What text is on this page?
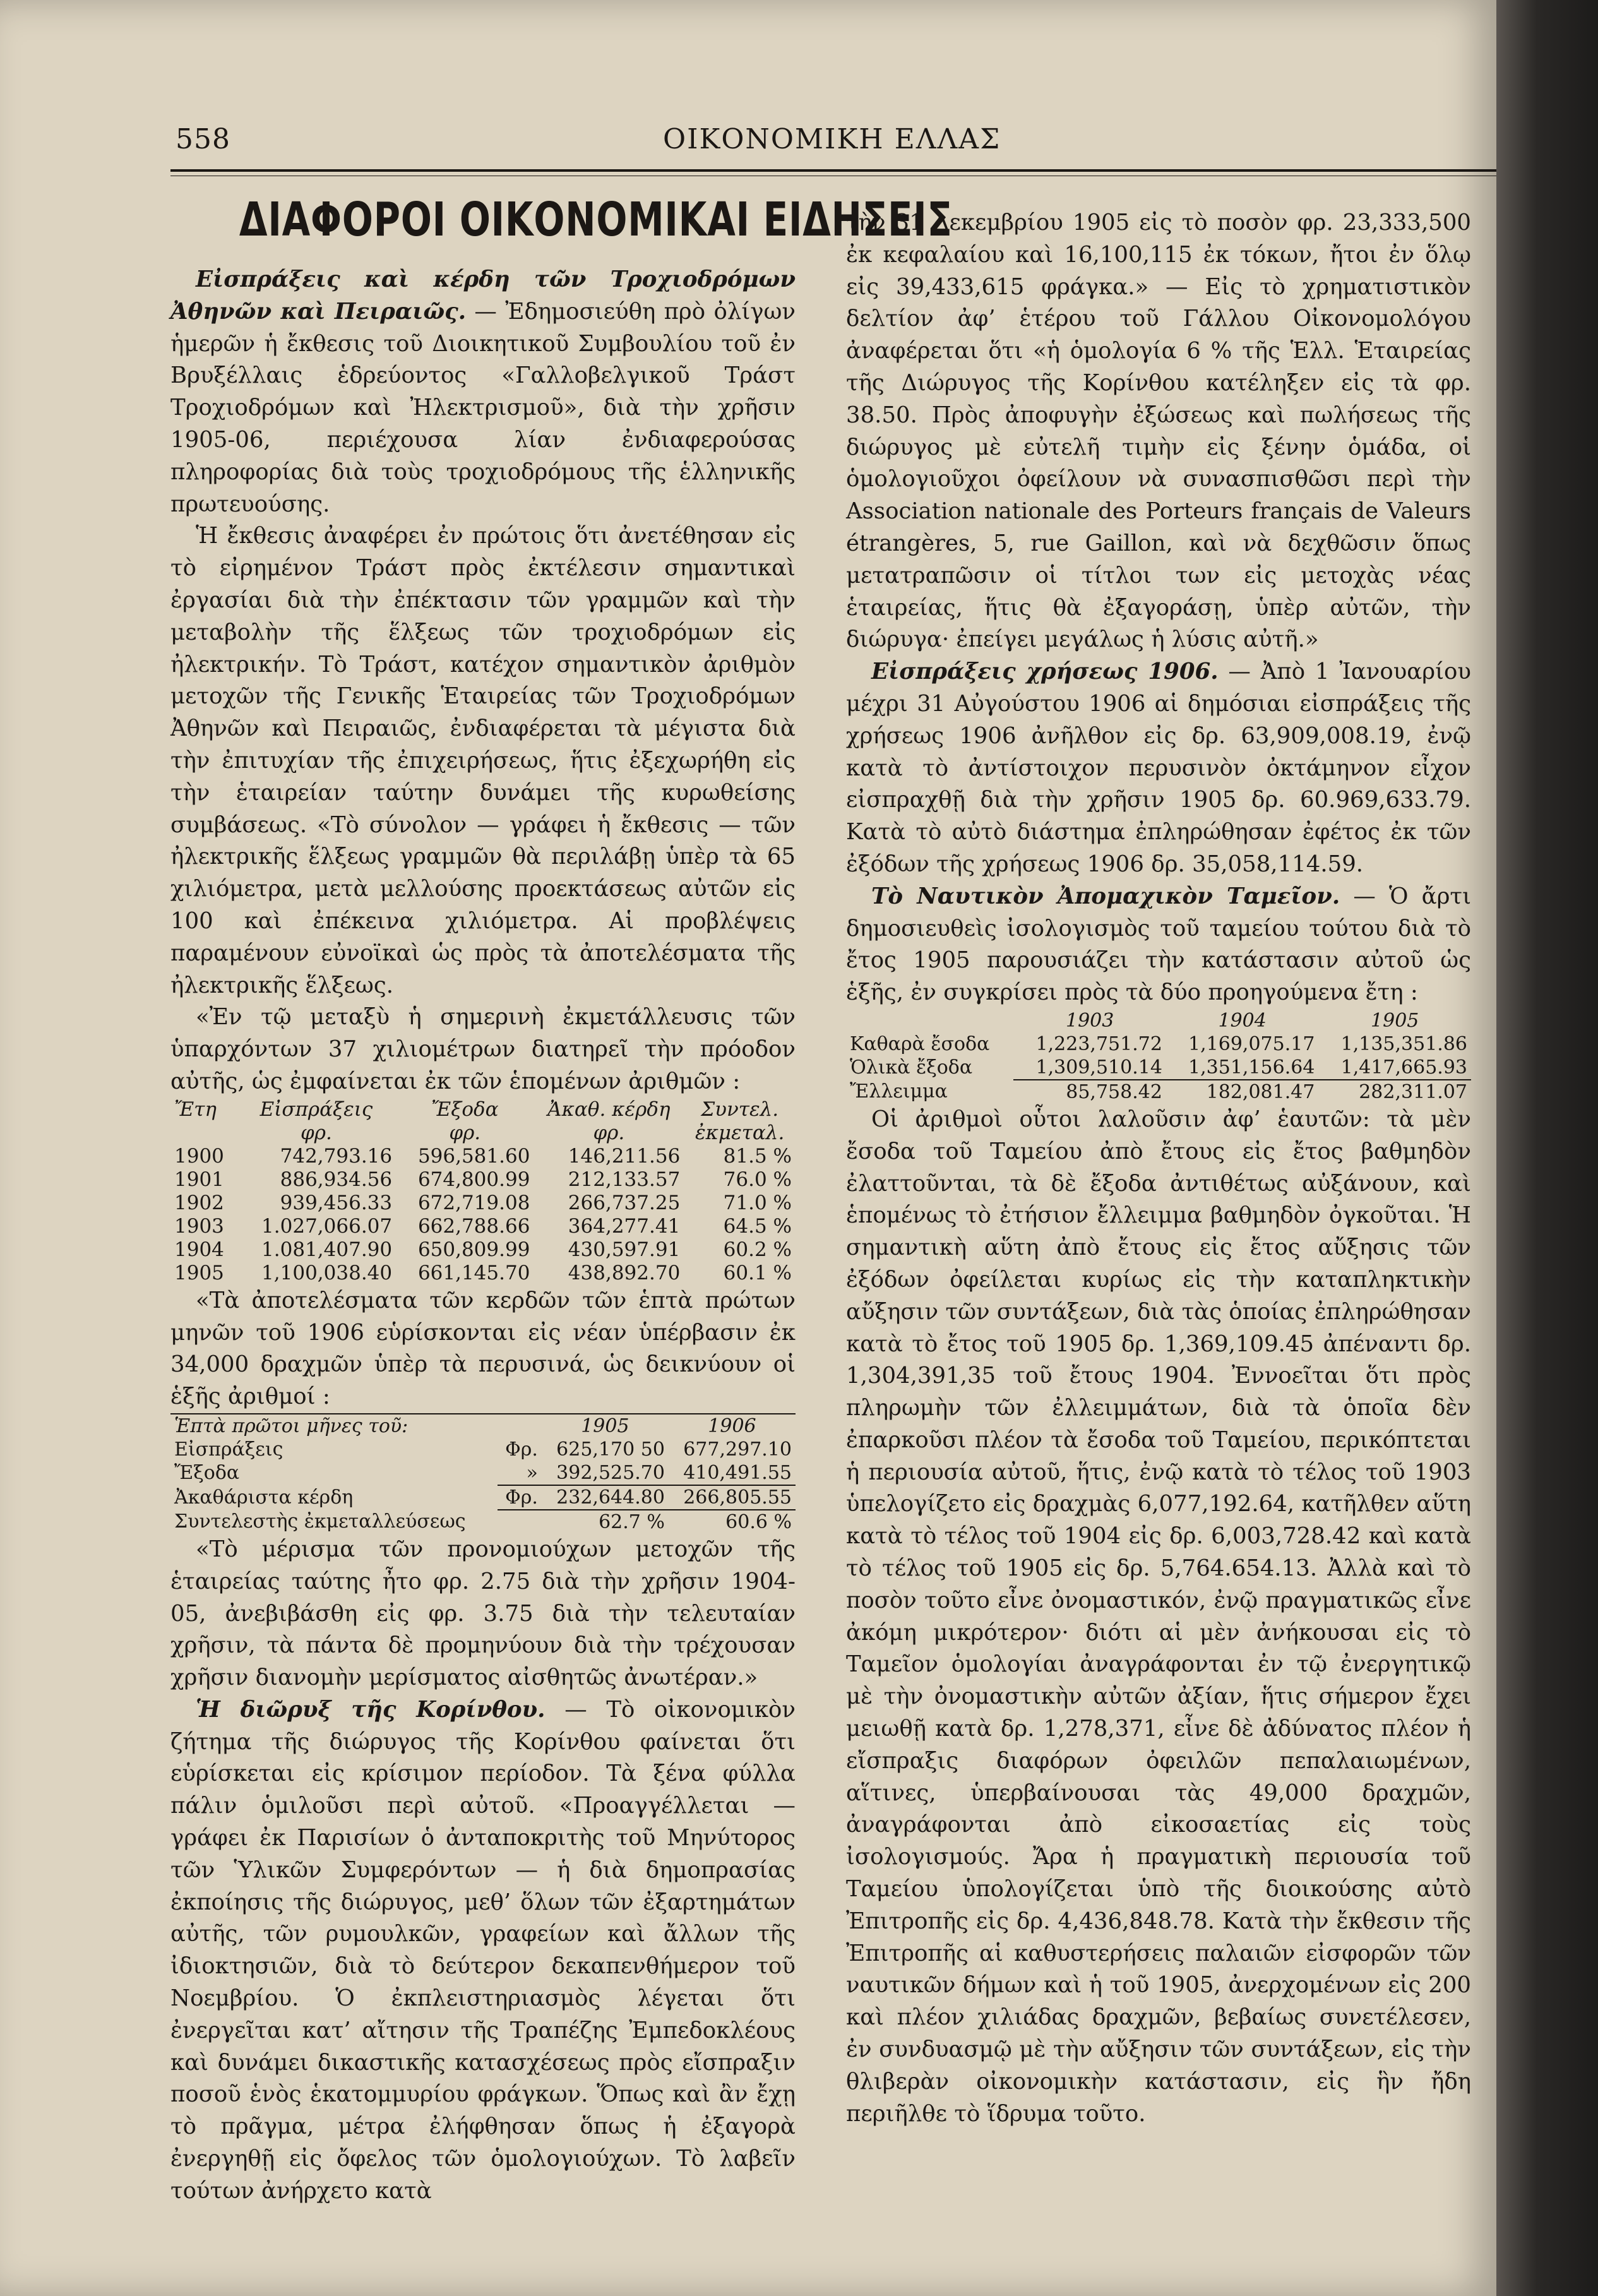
558	ΟΙΚΟΝΟΜΙΚΗ ΕΛΛΑΣ
ΔΙΑΦΟΡΟΙ ΟΙΚΟΝΟΜΙΚΑΙ ΕΙΔΗΣΕΙΣ

Εἰσπράξεις καὶ κέρδη τῶν Τροχιοδρόμων Ἀθηνῶν καὶ Πειραιῶς. — Ἐδημοσιεύθη πρὸ ὀλίγων ἡμερῶν ἡ ἔκθεσις τοῦ Διοικητικοῦ Συμβουλίου τοῦ ἐν Βρυξέλλαις ἑδρεύοντος «Γαλλοβελγικοῦ Τράστ Τροχιοδρόμων καὶ Ἠλεκτρισμοῦ», διὰ τὴν χρῆσιν 1905-06, περιέχουσα λίαν ἐνδιαφερούσας πληροφορίας διὰ τοὺς τροχιοδρόμους τῆς ἑλληνικῆς πρωτευούσης.

Ἡ ἔκθεσις ἀναφέρει ἐν πρώτοις ὅτι ἀνετέθησαν εἰς τὸ εἰρημένον Τράστ πρὸς ἐκτέλεσιν σημαντικαὶ ἐργασίαι διὰ τὴν ἐπέκτασιν τῶν γραμμῶν καὶ τὴν μεταβολὴν τῆς ἕλξεως τῶν τροχιοδρόμων εἰς ἠλεκτρικήν. Τὸ Τράστ, κατέχον σημαντικὸν ἀριθμὸν μετοχῶν τῆς Γενικῆς Ἑταιρείας τῶν Τροχιοδρόμων Ἀθηνῶν καὶ Πειραιῶς, ἐνδιαφέρεται τὰ μέγιστα διὰ τὴν ἐπιτυχίαν τῆς ἐπιχειρήσεως, ἥτις ἐξεχωρήθη εἰς τὴν ἑταιρείαν ταύτην δυνάμει τῆς κυρωθείσης συμβάσεως. «Τὸ σύνολον — γράφει ἡ ἔκθεσις — τῶν ἠλεκτρικῆς ἕλξεως γραμμῶν θὰ περιλάβῃ ὑπὲρ τὰ 65 χιλιόμετρα, μετὰ μελλούσης προεκτάσεως αὐτῶν εἰς 100 καὶ ἐπέκεινα χιλιόμετρα. Αἱ προβλέψεις παραμένουν εὐνοϊκαὶ ὡς πρὸς τὰ ἀποτελέσματα τῆς ἠλεκτρικῆς ἕλξεως.

«Ἐν τῷ μεταξὺ ἡ σημερινὴ ἐκμετάλλευσις τῶν ὑπαρχόντων 37 χιλιομέτρων διατηρεῖ τὴν πρόοδον αὐτῆς, ὡς ἐμφαίνεται ἐκ τῶν ἑπομένων ἀριθμῶν :

Ἔτη	Εἰσπράξεις	Ἔξοδα	Ἀκαθ. κέρδη	Συντελ.
	φρ.	φρ.	φρ.	ἐκμεταλ.
1900	742,793.16	596,581.60	146,211.56	81.5 %
1901	886,934.56	674,800.99	212,133.57	76.0 %
1902	939,456.33	672,719.08	266,737.25	71.0 %
1903	1.027,066.07	662,788.66	364,277.41	64.5 %
1904	1.081,407.90	650,809.99	430,597.91	60.2 %
1905	1,100,038.40	661,145.70	438,892.70	60.1 %

«Τὰ ἀποτελέσματα τῶν κερδῶν τῶν ἑπτὰ πρώτων μηνῶν τοῦ 1906 εὑρίσκονται εἰς νέαν ὑπέρβασιν ἐκ 34,000 δραχμῶν ὑπὲρ τὰ περυσινά, ὡς δεικνύουν οἱ ἑξῆς ἀριθμοί :

Ἑπτὰ πρῶτοι μῆνες τοῦ:		1905	1906
Εἰσπράξεις	Φρ.	625,170 50	677,297.10
Ἔξοδα	»	392,525.70	410,491.55
Ἀκαθάριστα κέρδη	Φρ.	232,644.80	266,805.55
Συντελεστὴς ἐκμεταλλεύσεως		62.7 %	60.6 %

«Τὸ μέρισμα τῶν προνομιούχων μετοχῶν τῆς ἑταιρείας ταύτης ἦτο φρ. 2.75 διὰ τὴν χρῆσιν 1904-05, ἀνεβιβάσθη εἰς φρ. 3.75 διὰ τὴν τελευταίαν χρῆσιν, τὰ πάντα δὲ προμηνύουν διὰ τὴν τρέχουσαν χρῆσιν διανομὴν μερίσματος αἰσθητῶς ἀνωτέραν.»

Ἡ διῶρυξ τῆς Κορίνθου. — Τὸ οἰκονομικὸν ζήτημα τῆς διώρυγος τῆς Κορίνθου φαίνεται ὅτι εὑρίσκεται εἰς κρίσιμον περίοδον. Τὰ ξένα φύλλα πάλιν ὁμιλοῦσι περὶ αὐτοῦ. «Προαγγέλλεται — γράφει ἐκ Παρισίων ὁ ἀνταποκριτὴς τοῦ Μηνύτορος τῶν Ὑλικῶν Συμφερόντων — ἡ διὰ δημοπρασίας ἐκποίησις τῆς διώρυγος, μεθ’ ὅλων τῶν ἐξαρτημάτων αὐτῆς, τῶν ρυμουλκῶν, γραφείων καὶ ἄλλων τῆς ἰδιοκτησιῶν, διὰ τὸ δεύτερον δεκαπενθήμερον τοῦ Νοεμβρίου. Ὁ ἐκπλειστηριασμὸς λέγεται ὅτι ἐνεργεῖται κατ’ αἴτησιν τῆς Τραπέζης Ἐμπεδοκλέους καὶ δυνάμει δικαστικῆς κατασχέσεως πρὸς εἴσπραξιν ποσοῦ ἑνὸς ἑκατομμυρίου φράγκων. Ὅπως καὶ ἂν ἔχῃ τὸ πρᾶγμα, μέτρα ἐλήφθησαν ὅπως ἡ ἐξαγορὰ ἐνεργηθῇ εἰς ὄφελος τῶν ὁμολογιούχων. Τὸ λαβεῖν τούτων ἀνήρχετο κατὰ

τὴν 31 Δεκεμβρίου 1905 εἰς τὸ ποσὸν φρ. 23,333,500 ἐκ κεφαλαίου καὶ 16,100,115 ἐκ τόκων, ἤτοι ἐν ὅλῳ εἰς 39,433,615 φράγκα.» — Εἰς τὸ χρηματιστικὸν δελτίον ἀφ’ ἑτέρου τοῦ Γάλλου Οἰκονομολόγου ἀναφέρεται ὅτι «ἡ ὁμολογία 6 % τῆς Ἑλλ. Ἑταιρείας τῆς Διώρυγος τῆς Κορίνθου κατέληξεν εἰς τὰ φρ. 38.50. Πρὸς ἀποφυγὴν ἐξώσεως καὶ πωλήσεως τῆς διώρυγος μὲ εὐτελῆ τιμὴν εἰς ξένην ὁμάδα, οἱ ὁμολογιοῦχοι ὀφείλουν νὰ συνασπισθῶσι περὶ τὴν Association nationale des Porteurs français de Valeurs étrangères, 5, rue Gaillon, καὶ νὰ δεχθῶσιν ὅπως μετατραπῶσιν οἱ τίτλοι των εἰς μετοχὰς νέας ἑταιρείας, ἥτις θὰ ἐξαγοράσῃ, ὑπὲρ αὐτῶν, τὴν διώρυγα· ἐπείγει μεγάλως ἡ λύσις αὐτῆ.»

Εἰσπράξεις χρήσεως 1906. — Ἀπὸ 1 Ἰανουαρίου μέχρι 31 Αὐγούστου 1906 αἱ δημόσιαι εἰσπράξεις τῆς χρήσεως 1906 ἀνῆλθον εἰς δρ. 63,909,008.19, ἐνῷ κατὰ τὸ ἀντίστοιχον περυσινὸν ὀκτάμηνον εἶχον εἰσπραχθῇ διὰ τὴν χρῆσιν 1905 δρ. 60.969,633.79. Κατὰ τὸ αὐτὸ διάστημα ἐπληρώθησαν ἐφέτος ἐκ τῶν ἐξόδων τῆς χρήσεως 1906 δρ. 35,058,114.59.

Τὸ Ναυτικὸν Ἀπομαχικὸν Ταμεῖον. — Ὁ ἄρτι δημοσιευθεὶς ἰσολογισμὸς τοῦ ταμείου τούτου διὰ τὸ ἔτος 1905 παρουσιάζει τὴν κατάστασιν αὐτοῦ ὡς ἑξῆς, ἐν συγκρίσει πρὸς τὰ δύο προηγούμενα ἔτη :

	1903	1904	1905
Καθαρὰ ἔσοδα	1,223,751.72	1,169,075.17	1,135,351.86
Ὁλικὰ ἔξοδα	1,309,510.14	1,351,156.64	1,417,665.93
Ἔλλειμμα	85,758.42	182,081.47	282,311.07

Οἱ ἀριθμοὶ οὗτοι λαλοῦσιν ἀφ’ ἑαυτῶν: τὰ μὲν ἔσοδα τοῦ Ταμείου ἀπὸ ἔτους εἰς ἔτος βαθμηδὸν ἐλαττοῦνται, τὰ δὲ ἔξοδα ἀντιθέτως αὐξάνουν, καὶ ἑπομένως τὸ ἐτήσιον ἔλλειμμα βαθμηδὸν ὀγκοῦται. Ἡ σημαντικὴ αὕτη ἀπὸ ἔτους εἰς ἔτος αὔξησις τῶν ἐξόδων ὀφείλεται κυρίως εἰς τὴν καταπληκτικὴν αὔξησιν τῶν συντάξεων, διὰ τὰς ὁποίας ἐπληρώθησαν κατὰ τὸ ἔτος τοῦ 1905 δρ. 1,369,109.45 ἀπέναντι δρ. 1,304,391,35 τοῦ ἔτους 1904. Ἐννοεῖται ὅτι πρὸς πληρωμὴν τῶν ἐλλειμμάτων, διὰ τὰ ὁποῖα δὲν ἐπαρκοῦσι πλέον τὰ ἔσοδα τοῦ Ταμείου, περικόπτεται ἡ περιουσία αὐτοῦ, ἥτις, ἐνῷ κατὰ τὸ τέλος τοῦ 1903 ὑπελογίζετο εἰς δραχμὰς 6,077,192.64, κατῆλθεν αὕτη κατὰ τὸ τέλος τοῦ 1904 εἰς δρ. 6,003,728.42 καὶ κατὰ τὸ τέλος τοῦ 1905 εἰς δρ. 5,764.654.13. Ἀλλὰ καὶ τὸ ποσὸν τοῦτο εἶνε ὀνομαστικόν, ἐνῷ πραγματικῶς εἶνε ἀκόμη μικρότερον· διότι αἱ μὲν ἀνήκουσαι εἰς τὸ Ταμεῖον ὁμολογίαι ἀναγράφονται ἐν τῷ ἐνεργητικῷ μὲ τὴν ὀνομαστικὴν αὐτῶν ἀξίαν, ἥτις σήμερον ἔχει μειωθῇ κατὰ δρ. 1,278,371, εἶνε δὲ ἀδύνατος πλέον ἡ εἴσπραξις διαφόρων ὀφειλῶν πεπαλαιωμένων, αἵτινες, ὑπερβαίνουσαι τὰς 49,000 δραχμῶν, ἀναγράφονται ἀπὸ εἰκοσαετίας εἰς τοὺς ἰσολογισμούς. Ἄρα ἡ πραγματικὴ περιουσία τοῦ Ταμείου ὑπολογίζεται ὑπὸ τῆς διοικούσης αὐτὸ Ἐπιτροπῆς εἰς δρ. 4,436,848.78. Κατὰ τὴν ἔκθεσιν τῆς Ἐπιτροπῆς αἱ καθυστερήσεις παλαιῶν εἰσφορῶν τῶν ναυτικῶν δήμων καὶ ἡ τοῦ 1905, ἀνερχομένων εἰς 200 καὶ πλέον χιλιάδας δραχμῶν, βεβαίως συνετέλεσεν, ἐν συνδυασμῷ μὲ τὴν αὔξησιν τῶν συντάξεων, εἰς τὴν θλιβερὰν οἰκονομικὴν κατάστασιν, εἰς ἣν ἤδη περιῆλθε τὸ ἵδρυμα τοῦτο.
